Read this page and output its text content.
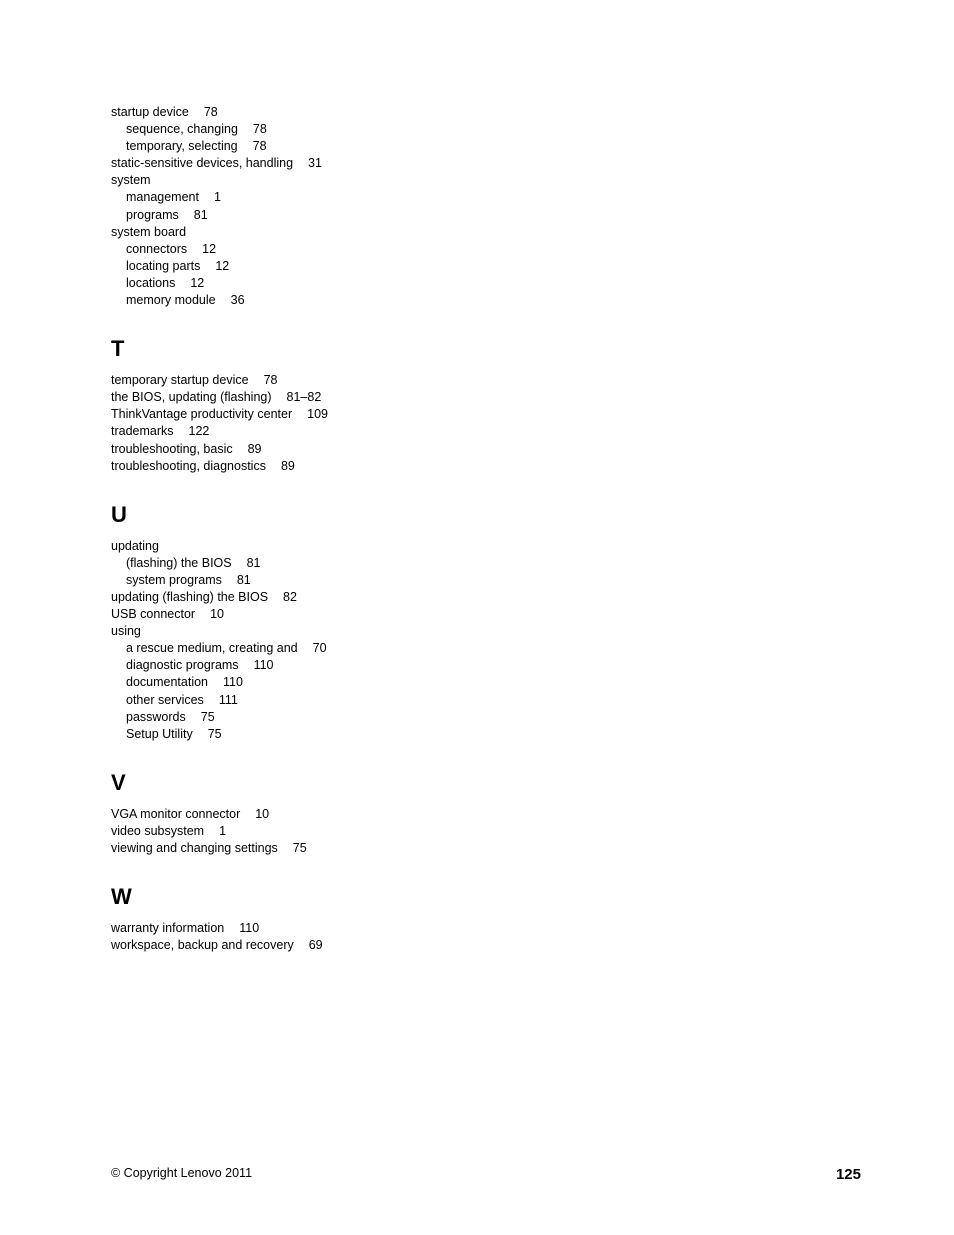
startup device 78
sequence, changing 78
temporary, selecting 78
static-sensitive devices, handling 31
system
management 1
programs 81
system board
connectors 12
locating parts 12
locations 12
memory module 36
T
temporary startup device 78
the BIOS, updating (flashing) 81–82
ThinkVantage productivity center 109
trademarks 122
troubleshooting, basic 89
troubleshooting, diagnostics 89
U
updating
(flashing) the BIOS 81
system programs 81
updating (flashing) the BIOS 82
USB connector 10
using
a rescue medium, creating and 70
diagnostic programs 110
documentation 110
other services 111
passwords 75
Setup Utility 75
V
VGA monitor connector 10
video subsystem 1
viewing and changing settings 75
W
warranty information 110
workspace, backup and recovery 69
© Copyright Lenovo 2011	125
